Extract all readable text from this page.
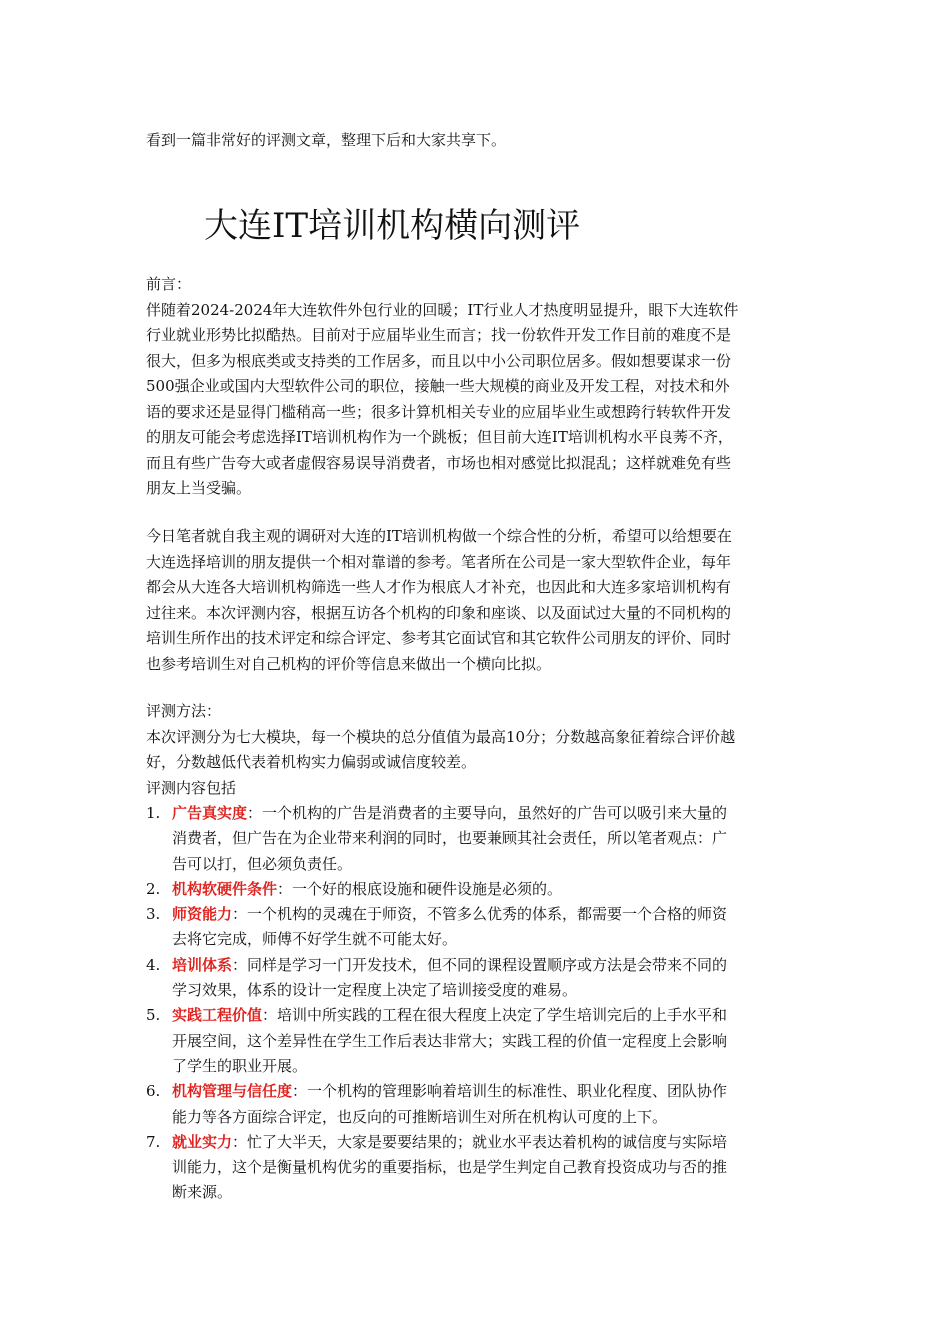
看到一篇非常好的评测文章，整理下后和大家共享下。
大连IT培训机构横向测评
前言：
伴随着2024-2024年大连软件外包行业的回暖；IT行业人才热度明显提升，眼下大连软件
行业就业形势比拟酷热。目前对于应届毕业生而言；找一份软件开发工作目前的难度不是
很大，但多为根底类或支持类的工作居多，而且以中小公司职位居多。假如想要谋求一份
500强企业或国内大型软件公司的职位，接触一些大规模的商业及开发工程，对技术和外
语的要求还是显得门槛稍高一些；很多计算机相关专业的应届毕业生或想跨行转软件开发
的朋友可能会考虑选择IT培训机构作为一个跳板；但目前大连IT培训机构水平良莠不齐，
而且有些广告夸大或者虚假容易误导消费者，市场也相对感觉比拟混乱；这样就难免有些
朋友上当受骗。
今日笔者就自我主观的调研对大连的IT培训机构做一个综合性的分析，希望可以给想要在
大连选择培训的朋友提供一个相对靠谱的参考。笔者所在公司是一家大型软件企业，每年
都会从大连各大培训机构筛选一些人才作为根底人才补充，也因此和大连多家培训机构有
过往来。本次评测内容，根据互访各个机构的印象和座谈、以及面试过大量的不同机构的
培训生所作出的技术评定和综合评定、参考其它面试官和其它软件公司朋友的评价、同时
也参考培训生对自己机构的评价等信息来做出一个横向比拟。
评测方法：
本次评测分为七大模块，每一个模块的总分值值为最高10分；分数越高象征着综合评价越
好，分数越低代表着机构实力偏弱或诚信度较差。
评测内容包括
1. 广告真实度：一个机构的广告是消费者的主要导向，虽然好的广告可以吸引来大量的
消费者，但广告在为企业带来利润的同时，也要兼顾其社会责任，所以笔者观点：广
告可以打，但必须负责任。
2. 机构软硬件条件：一个好的根底设施和硬件设施是必须的。
3. 师资能力：一个机构的灵魂在于师资，不管多么优秀的体系，都需要一个合格的师资
去将它完成，师傅不好学生就不可能太好。
4. 培训体系：同样是学习一门开发技术，但不同的课程设置顺序或方法是会带来不同的
学习效果，体系的设计一定程度上决定了培训接受度的难易。
5. 实践工程价值：培训中所实践的工程在很大程度上决定了学生培训完后的上手水平和
开展空间，这个差异性在学生工作后表达非常大；实践工程的价值一定程度上会影响
了学生的职业开展。
6. 机构管理与信任度：一个机构的管理影响着培训生的标准性、职业化程度、团队协作
能力等各方面综合评定，也反向的可推断培训生对所在机构认可度的上下。
7. 就业实力：忙了大半天，大家是要要结果的；就业水平表达着机构的诚信度与实际培
训能力，这个是衡量机构优劣的重要指标，也是学生判定自己教育投资成功与否的推
断来源。
